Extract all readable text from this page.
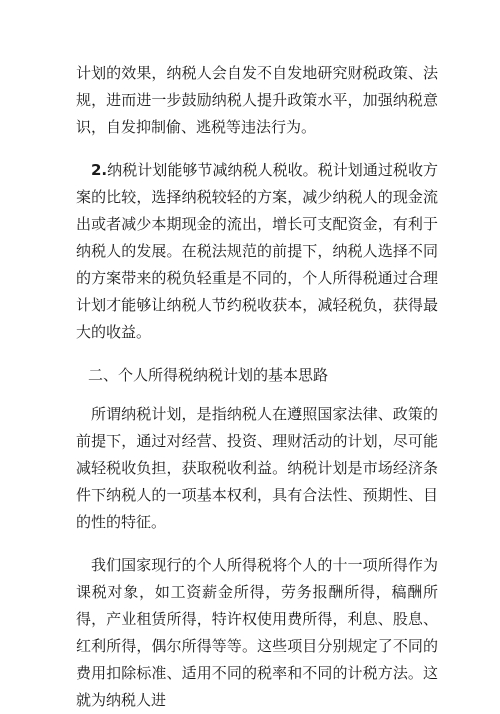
计划的效果，纳税人会自发不自发地研究财税政策、法规，进而进一步鼓励纳税人提升政策水平，加强纳税意识，自发抑制偷、逃税等违法行为。

2.纳税计划能够节减纳税人税收。税计划通过税收方案的比较，选择纳税较轻的方案，减少纳税人的现金流出或者减少本期现金的流出，增长可支配资金，有利于纳税人的发展。在税法规范的前提下，纳税人选择不同的方案带来的税负轻重是不同的，个人所得税通过合理计划才能够让纳税人节约税收获本，减轻税负，获得最大的收益。

二、个人所得税纳税计划的基本思路

所谓纳税计划，是指纳税人在遵照国家法律、政策的前提下，通过对经营、投资、理财活动的计划，尽可能减轻税收负担，获取税收利益。纳税计划是市场经济条件下纳税人的一项基本权利，具有合法性、预期性、目的性的特征。

我们国家现行的个人所得税将个人的十一项所得作为课税对象，如工资薪金所得，劳务报酬所得，稿酬所得，产业租赁所得，特许权使用费所得，利息、股息、红利所得，偶尔所得等等。这些项目分别规定了不同的费用扣除标准、适用不同的税率和不同的计税方法。这就为纳税人进
